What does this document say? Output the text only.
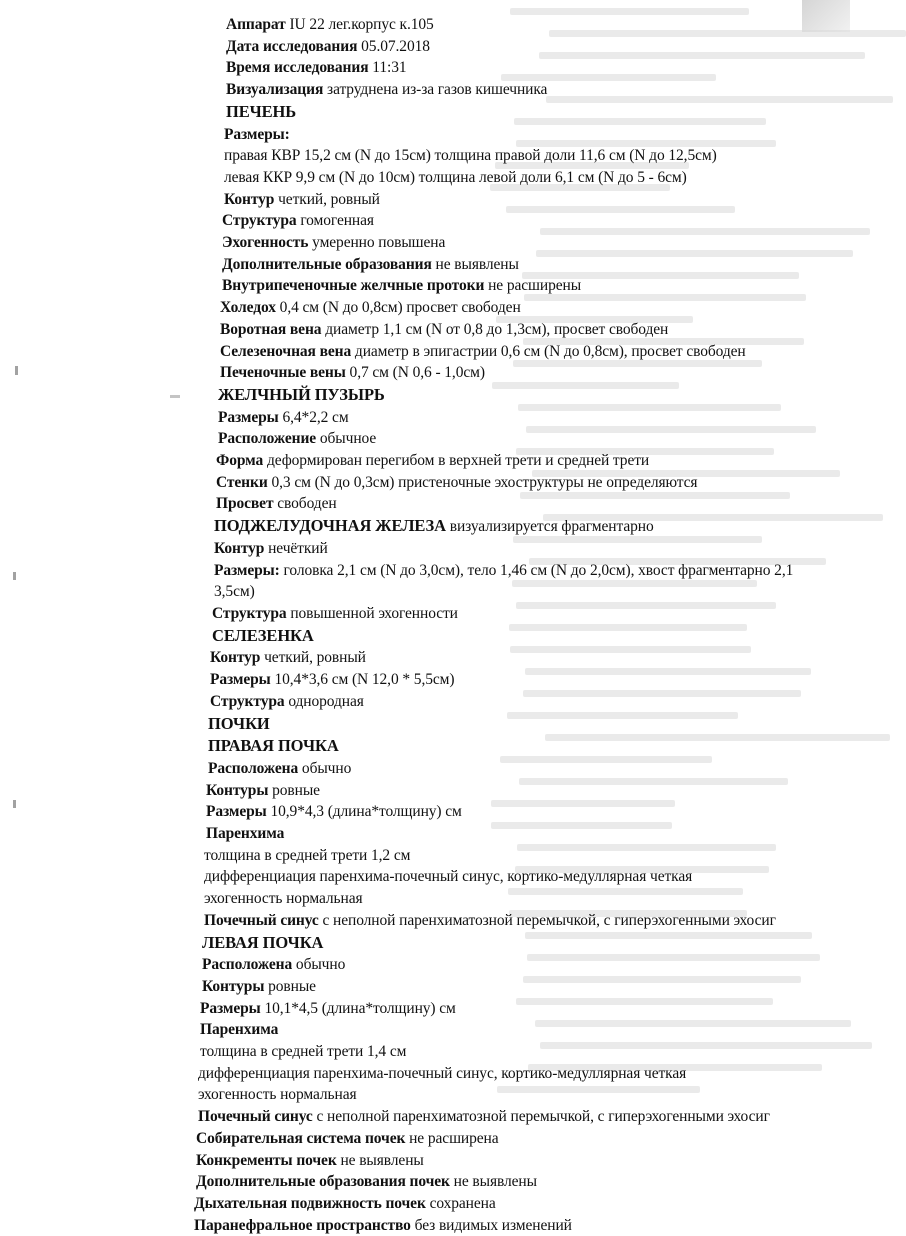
Аппарат IU 22 лег.корпус к.105
Дата исследования 05.07.2018
Время исследования 11:31
Визуализация затруднена из-за газов кишечника
ПЕЧЕНЬ
Размеры:
правая КВР 15,2 см (N до 15см) толщина правой доли 11,6 см (N до 12,5см)
левая ККР 9,9 см (N до 10см) толщина левой доли 6,1 см (N до 5 - 6см)
Контур четкий, ровный
Структура гомогенная
Эхогенность умеренно повышена
Дополнительные образования не выявлены
Внутрипеченочные желчные протоки не расширены
Холедох 0,4 см (N до 0,8см) просвет свободен
Воротная вена диаметр 1,1 см (N от 0,8 до 1,3см), просвет свободен
Селезеночная вена диаметр в эпигастрии 0,6 см (N до 0,8см), просвет свободен
Печеночные вены 0,7 см (N 0,6 - 1,0см)
ЖЕЛЧНЫЙ ПУЗЫРЬ
Размеры 6,4*2,2 см
Расположение обычное
Форма деформирован перегибом в верхней трети и средней трети
Стенки 0,3 см (N до 0,3см) пристеночные эхоструктуры не определяются
Просвет свободен
ПОДЖЕЛУДОЧНАЯ ЖЕЛЕЗА визуализируется фрагментарно
Контур нечёткий
Размеры: головка 2,1 см (N до 3,0см), тело 1,46 см (N до 2,0см), хвост фрагментарно 2,1
3,5см)
Структура повышенной эхогенности
СЕЛЕЗЕНКА
Контур четкий, ровный
Размеры 10,4*3,6 см (N 12,0 * 5,5см)
Структура однородная
ПОЧКИ
ПРАВАЯ ПОЧКА
Расположена обычно
Контуры ровные
Размеры 10,9*4,3 (длина*толщину) см
Паренхима
толщина в средней трети 1,2 см
дифференциация паренхима-почечный синус, кортико-медуллярная четкая
эхогенность нормальная
Почечный синус с неполной паренхиматозной перемычкой, с гиперэхогенными эхосиг
ЛЕВАЯ ПОЧКА
Расположена обычно
Контуры ровные
Размеры 10,1*4,5 (длина*толщину) см
Паренхима
толщина в средней трети 1,4 см
дифференциация паренхима-почечный синус, кортико-медуллярная четкая
эхогенность нормальная
Почечный синус с неполной паренхиматозной перемычкой, с гиперэхогенными эхосиг
Собирательная система почек не расширена
Конкременты почек не выявлены
Дополнительные образования почек не выявлены
Дыхательная подвижность почек сохранена
Паранефральное пространство без видимых изменений
